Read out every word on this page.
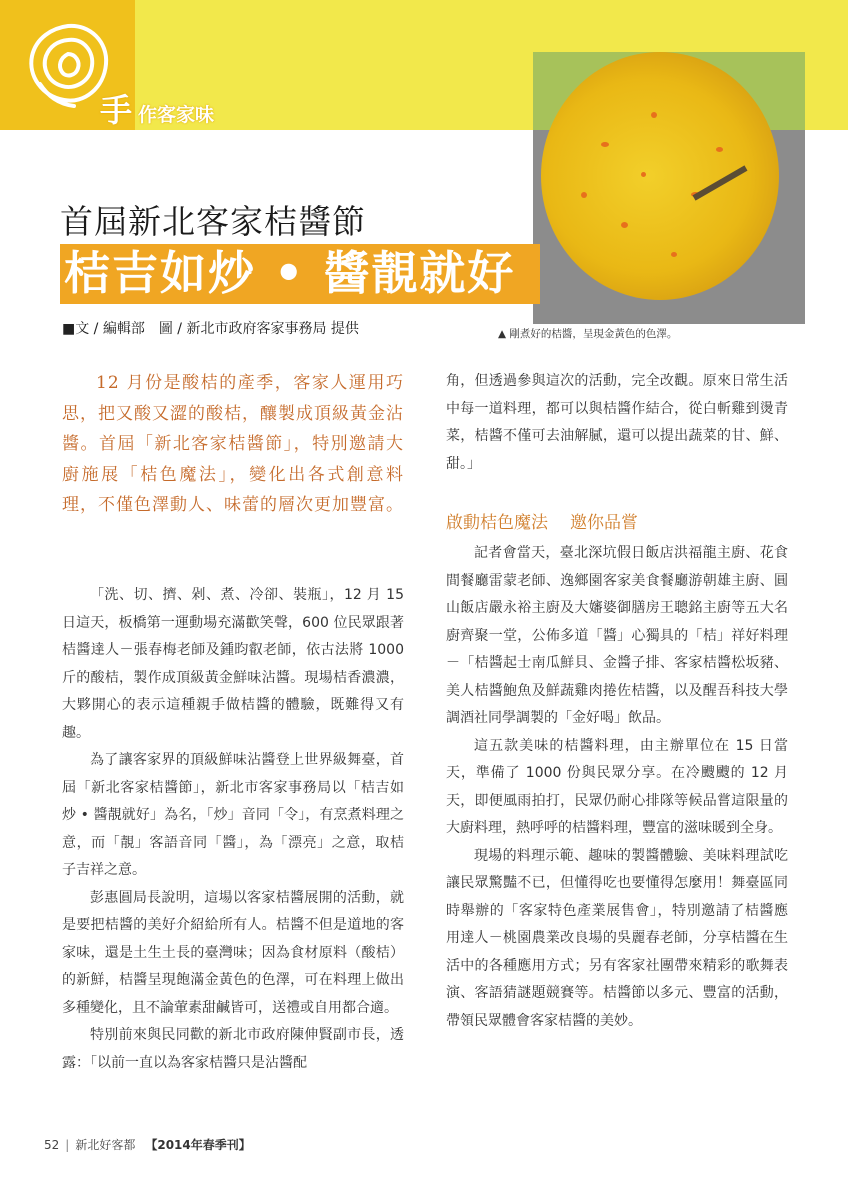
手 作客家味
▲ 剛煮好的桔醬，呈現金黃色的色澤。
首屆新北客家桔醬節
桔吉如炒 • 醬靚就好
■文 / 編輯部　圖 / 新北市政府客家事務局 提供
12 月份是酸桔的產季，客家人運用巧思，把又酸又澀的酸桔，釀製成頂級黃金沾醬。首屆「新北客家桔醬節」，特別邀請大廚施展「桔色魔法」，變化出各式創意料理，不僅色澤動人、味蕾的層次更加豐富。

「洗、切、擠、剁、煮、冷卻、裝瓶」，12 月 15 日這天，板橋第一運動場充滿歡笑聲，600 位民眾跟著桔醬達人－張春梅老師及鍾昀叡老師，依古法將 1000 斤的酸桔，製作成頂級黃金鮮味沾醬。現場桔香濃濃，大夥開心的表示這種親手做桔醬的體驗，既難得又有趣。

為了讓客家界的頂級鮮味沾醬登上世界級舞臺，首屆「新北客家桔醬節」，新北市客家事務局以「桔吉如炒 • 醬靚就好」為名，「炒」音同「令」，有烹煮料理之意，而「靚」客語音同「醬」，為「漂亮」之意，取桔子吉祥之意。

彭惠圓局長說明，這場以客家桔醬展開的活動，就是要把桔醬的美好介紹給所有人。桔醬不但是道地的客家味，還是土生土長的臺灣味；因為食材原料（酸桔）的新鮮，桔醬呈現飽滿金黃色的色澤，可在料理上做出多種變化，且不論葷素甜鹹皆可，送禮或自用都合適。

特別前來與民同歡的新北市政府陳伸賢副市長，透露：「以前一直以為客家桔醬只是沾醬配

角，但透過參與這次的活動，完全改觀。原來日常生活中每一道料理，都可以與桔醬作結合，從白斬雞到燙青菜，桔醬不僅可去油解膩，還可以提出蔬菜的甘、鮮、甜。」

啟動桔色魔法 邀你品嘗

記者會當天，臺北深坑假日飯店洪福龍主廚、花食間餐廳雷蒙老師、逸鄉園客家美食餐廳游朝雄主廚、圓山飯店嚴永裕主廚及大嬸婆御膳房王聰銘主廚等五大名廚齊聚一堂，公佈多道「醬」心獨具的「桔」祥好料理－「桔醬起士南瓜鮮貝、金醬子排、客家桔醬松坂豬、美人桔醬鮑魚及鮮蔬雞肉捲佐桔醬，以及醒吾科技大學調酒社同學調製的「金好喝」飲品。

這五款美味的桔醬料理，由主辦單位在 15 日當天，準備了 1000 份與民眾分享。在冷颼颼的 12 月天，即便風雨拍打，民眾仍耐心排隊等候品嘗這限量的大廚料理，熱呼呼的桔醬料理，豐富的滋味暖到全身。

現場的料理示範、趣味的製醬體驗、美味料理試吃讓民眾驚豔不已，但懂得吃也要懂得怎麼用！舞臺區同時舉辦的「客家特色產業展售會」，特別邀請了桔醬應用達人－桃園農業改良場的吳麗春老師，分享桔醬在生活中的各種應用方式；另有客家社團帶來精彩的歌舞表演、客語猜謎題競賽等。桔醬節以多元、豐富的活動，帶領民眾體會客家桔醬的美妙。

52 | 新北好客都 【2014年春季刊】
